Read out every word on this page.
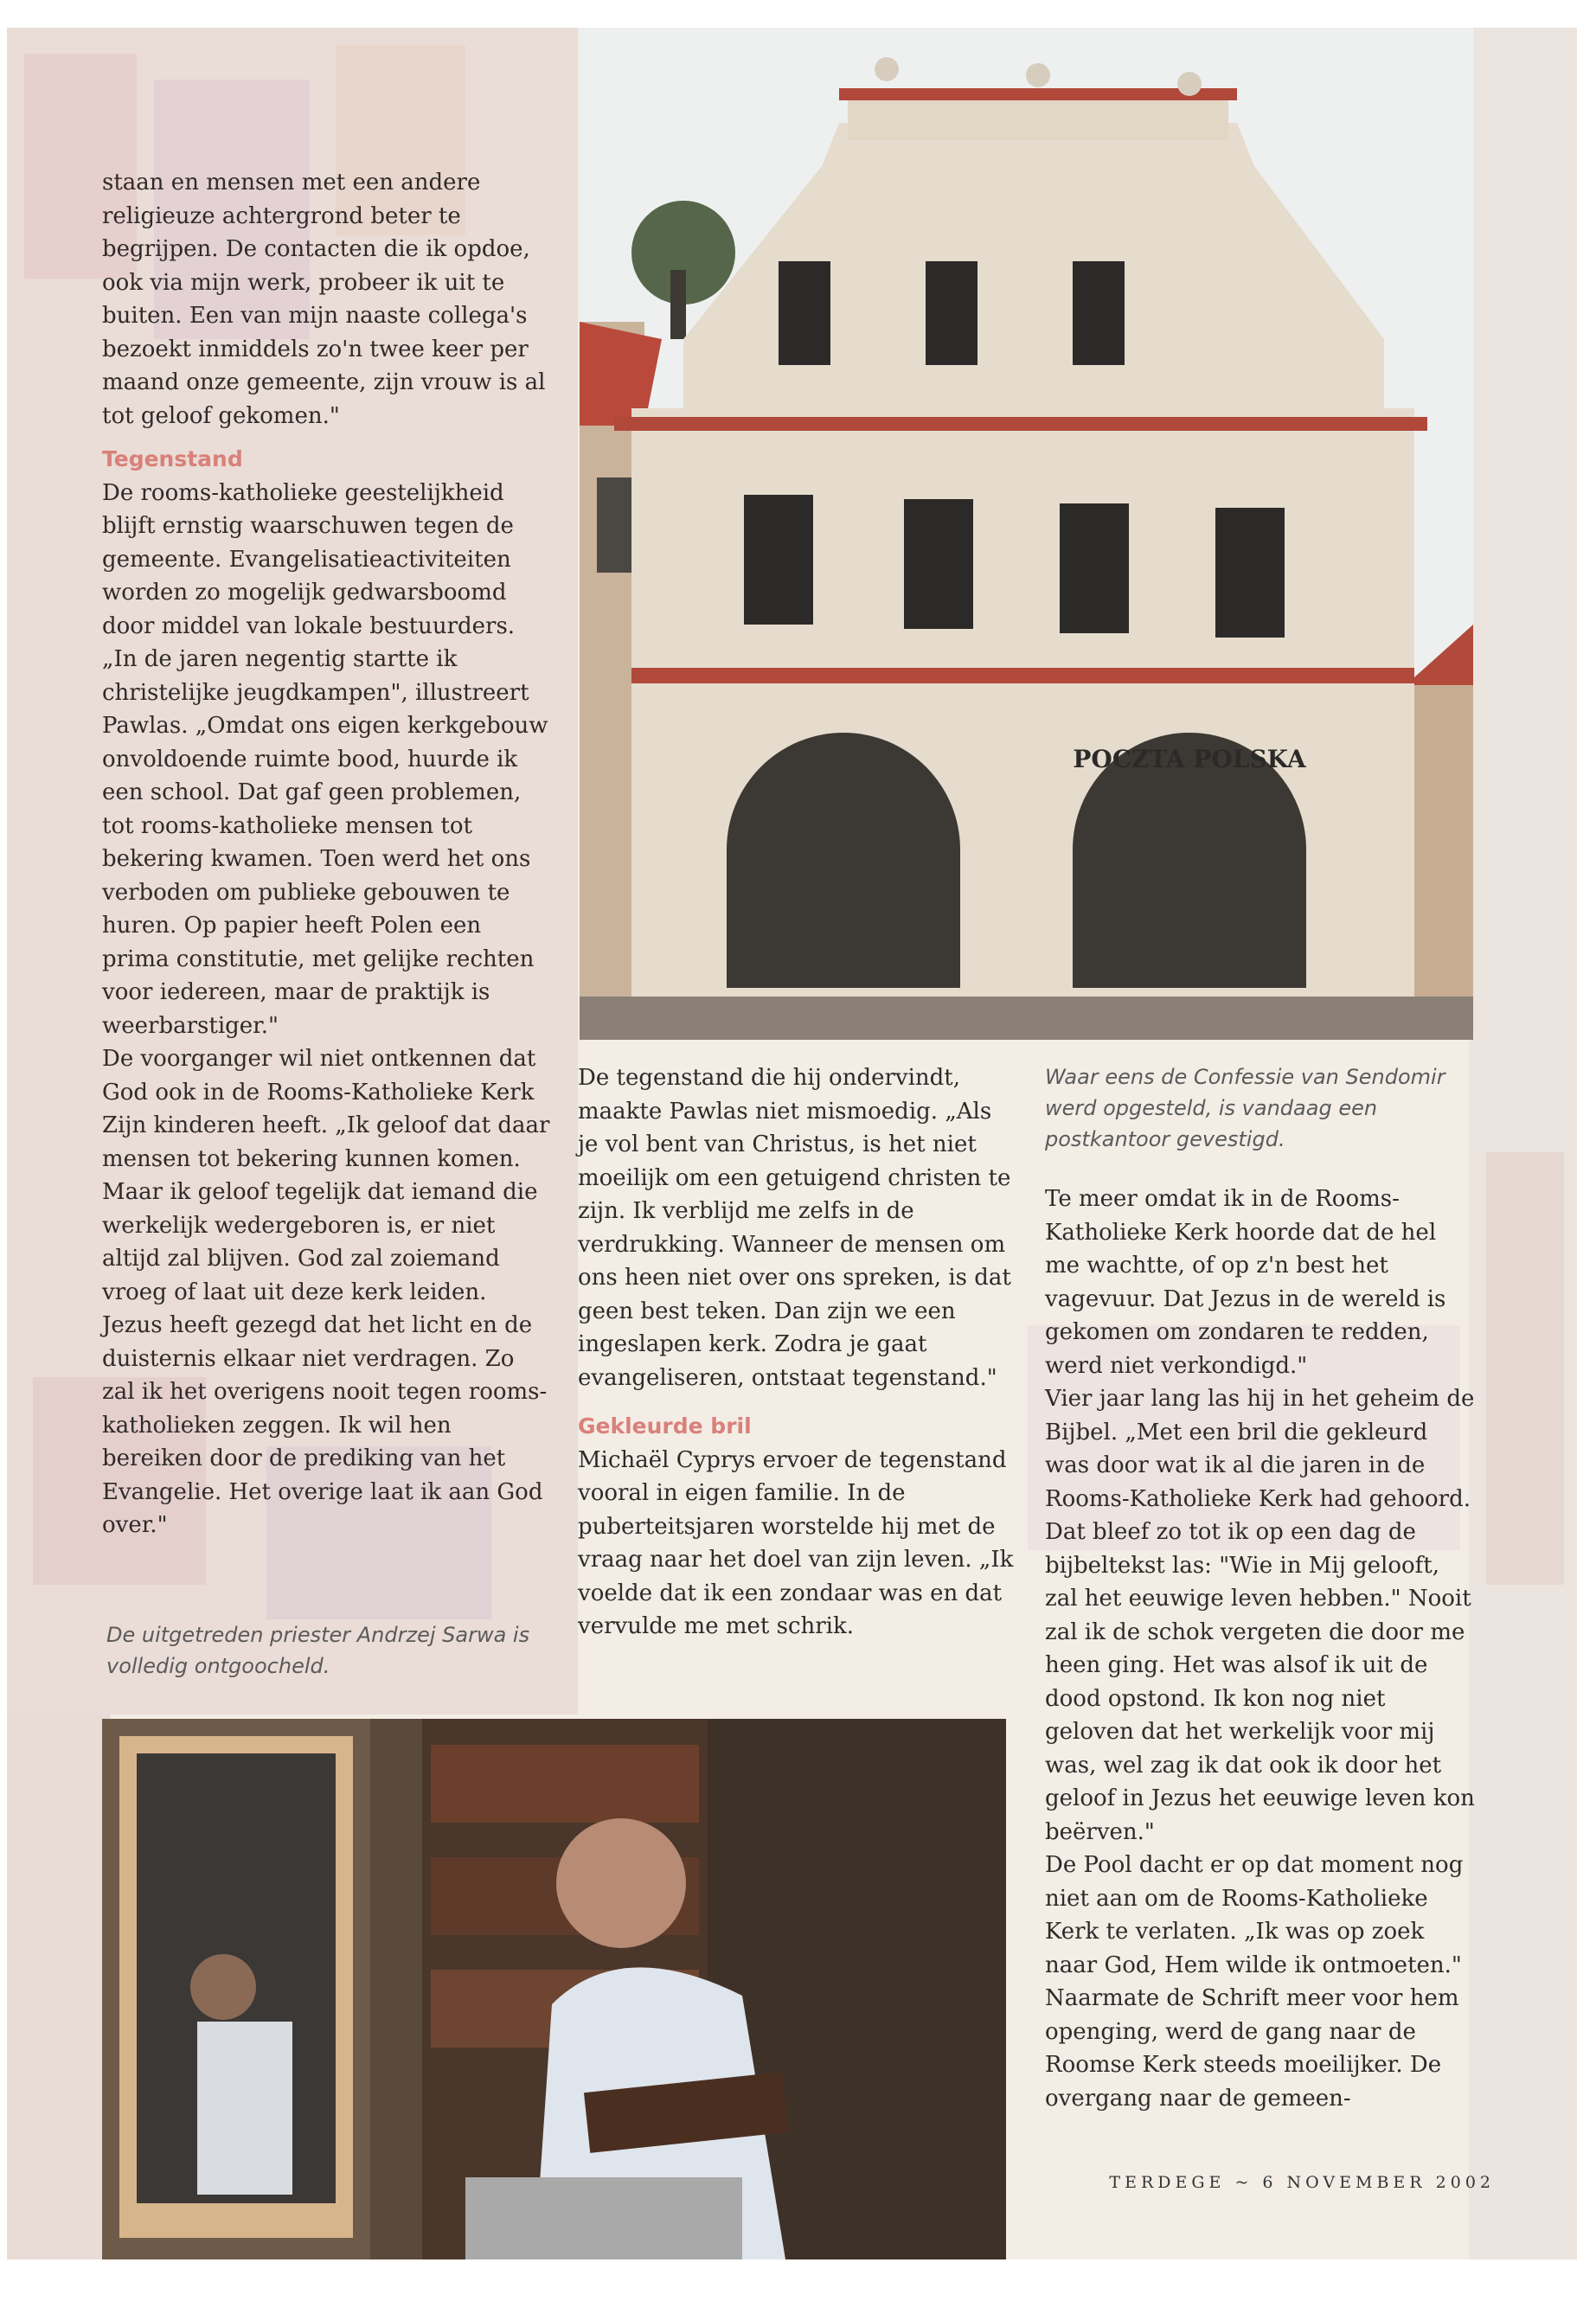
staan en mensen met een andere religieuze achtergrond beter te begrijpen. De contacten die ik opdoe, ook via mijn werk, probeer ik uit te buiten. Een van mijn naaste collega's bezoekt inmiddels zo'n twee keer per maand onze gemeente, zijn vrouw is al tot geloof gekomen."

Tegenstand

De rooms-katholieke geestelijkheid blijft ernstig waarschuwen tegen de gemeente. Evangelisatieactiviteiten worden zo mogelijk gedwarsboomd door middel van lokale bestuurders. „In de jaren negentig startte ik christelijke jeugdkampen", illustreert Pawlas. „Omdat ons eigen kerkgebouw onvoldoende ruimte bood, huurde ik een school. Dat gaf geen problemen, tot rooms-katholieke mensen tot bekering kwamen. Toen werd het ons verboden om publieke gebouwen te huren. Op papier heeft Polen een prima constitutie, met gelijke rechten voor iedereen, maar de praktijk is weerbarstiger."

De voorganger wil niet ontkennen dat God ook in de Rooms-Katholieke Kerk Zijn kinderen heeft. „Ik geloof dat daar mensen tot bekering kunnen komen. Maar ik geloof tegelijk dat iemand die werkelijk wedergeboren is, er niet altijd zal blijven. God zal zoiemand vroeg of laat uit deze kerk leiden. Jezus heeft gezegd dat het licht en de duisternis elkaar niet verdragen. Zo zal ik het overigens nooit tegen rooms-katholieken zeggen. Ik wil hen bereiken door de prediking van het Evangelie. Het overige laat ik aan God over."

De uitgetreden priester Andrzej Sarwa is volledig ontgoocheld.
POCZTA POLSKA
Waar eens de Confessie van Sendomir werd opgesteld, is vandaag een postkantoor gevestigd.

De tegenstand die hij ondervindt, maakte Pawlas niet mismoedig. „Als je vol bent van Christus, is het niet moeilijk om een getuigend christen te zijn. Ik verblijd me zelfs in de verdrukking. Wanneer de mensen om ons heen niet over ons spreken, is dat geen best teken. Dan zijn we een ingeslapen kerk. Zodra je gaat evangeliseren, ontstaat tegenstand."

Gekleurde bril

Michaël Cyprys ervoer de tegenstand vooral in eigen familie. In de puberteitsjaren worstelde hij met de vraag naar het doel van zijn leven. „Ik voelde dat ik een zondaar was en dat vervulde me met schrik.

Te meer omdat ik in de Rooms-Katholieke Kerk hoorde dat de hel me wachtte, of op z'n best het vagevuur. Dat Jezus in de wereld is gekomen om zondaren te redden, werd niet verkondigd."

Vier jaar lang las hij in het geheim de Bijbel. „Met een bril die gekleurd was door wat ik al die jaren in de Rooms-Katholieke Kerk had gehoord. Dat bleef zo tot ik op een dag de bijbeltekst las: "Wie in Mij gelooft, zal het eeuwige leven hebben." Nooit zal ik de schok vergeten die door me heen ging. Het was alsof ik uit de dood opstond. Ik kon nog niet geloven dat het werkelijk voor mij was, wel zag ik dat ook ik door het geloof in Jezus het eeuwige leven kon beërven."

De Pool dacht er op dat moment nog niet aan om de Rooms-Katholieke Kerk te verlaten. „Ik was op zoek naar God, Hem wilde ik ontmoeten." Naarmate de Schrift meer voor hem openging, werd de gang naar de Roomse Kerk steeds moeilijker. De overgang naar de gemeen-

TERDEGE ~ 6 NOVEMBER 2002
